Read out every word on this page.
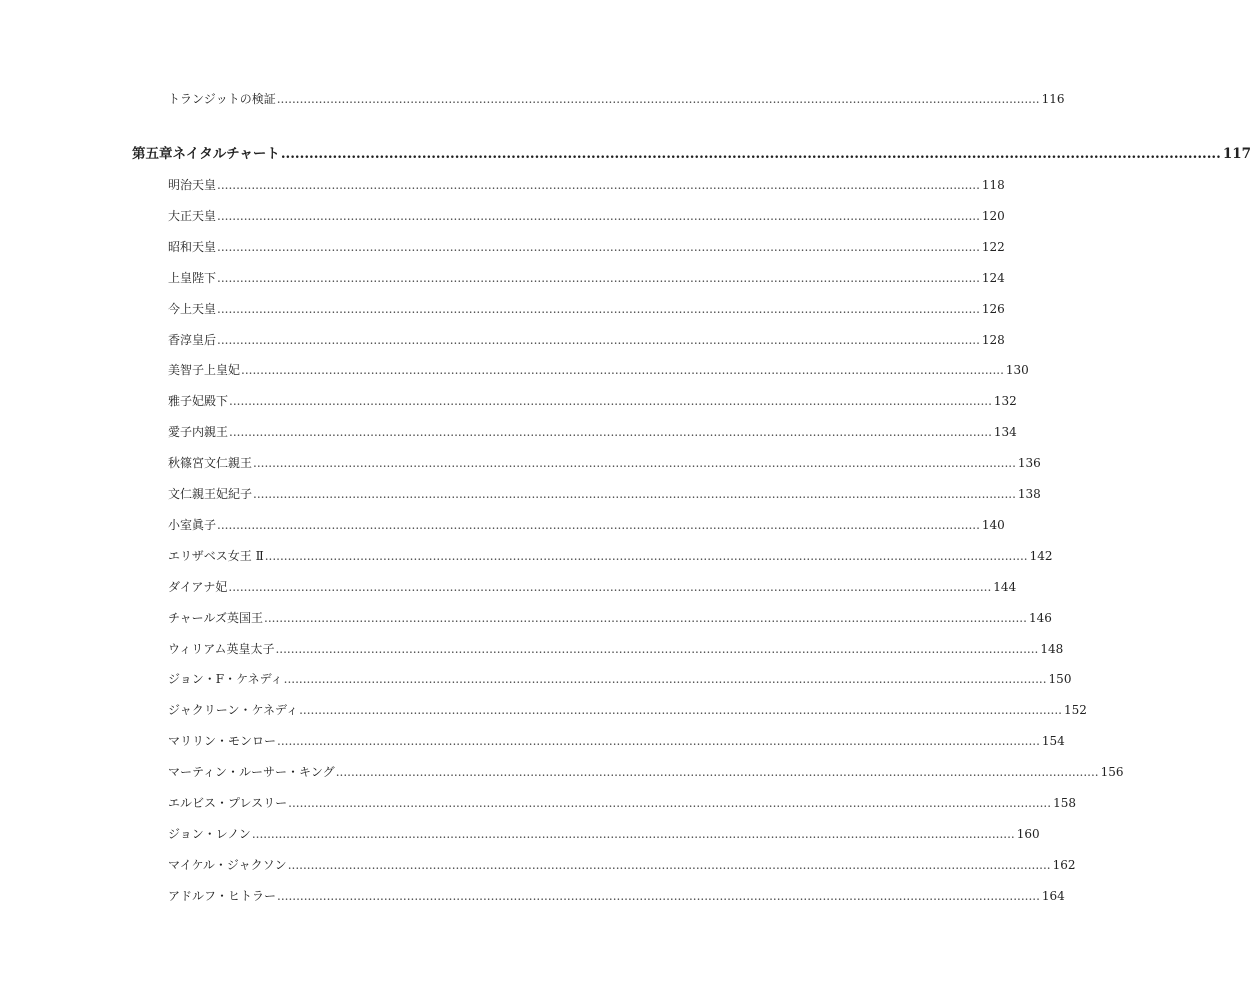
トランジットの検証 ........................................................................................................................................................................................................ 116
第五章 ネイタルチャート ........................................................................................................................................................................................................ 117
明治天皇 ........................................................................................................................................................................................................ 118
大正天皇 ........................................................................................................................................................................................................ 120
昭和天皇 ........................................................................................................................................................................................................ 122
上皇陛下 ........................................................................................................................................................................................................ 124
今上天皇 ........................................................................................................................................................................................................ 126
香淳皇后 ........................................................................................................................................................................................................ 128
美智子上皇妃 ........................................................................................................................................................................................................ 130
雅子妃殿下 ........................................................................................................................................................................................................ 132
愛子内親王 ........................................................................................................................................................................................................ 134
秋篠宮文仁親王 ........................................................................................................................................................................................................ 136
文仁親王妃紀子 ........................................................................................................................................................................................................ 138
小室眞子 ........................................................................................................................................................................................................ 140
エリザベス女王 Ⅱ ........................................................................................................................................................................................................ 142
ダイアナ妃 ........................................................................................................................................................................................................ 144
チャールズ英国王 ........................................................................................................................................................................................................ 146
ウィリアム英皇太子 ........................................................................................................................................................................................................ 148
ジョン・F・ケネディ ........................................................................................................................................................................................................ 150
ジャクリーン・ケネディ ........................................................................................................................................................................................................ 152
マリリン・モンロー ........................................................................................................................................................................................................ 154
マーティン・ルーサー・キング ........................................................................................................................................................................................................ 156
エルビス・プレスリー ........................................................................................................................................................................................................ 158
ジョン・レノン ........................................................................................................................................................................................................ 160
マイケル・ジャクソン ........................................................................................................................................................................................................ 162
アドルフ・ヒトラー ........................................................................................................................................................................................................ 164
